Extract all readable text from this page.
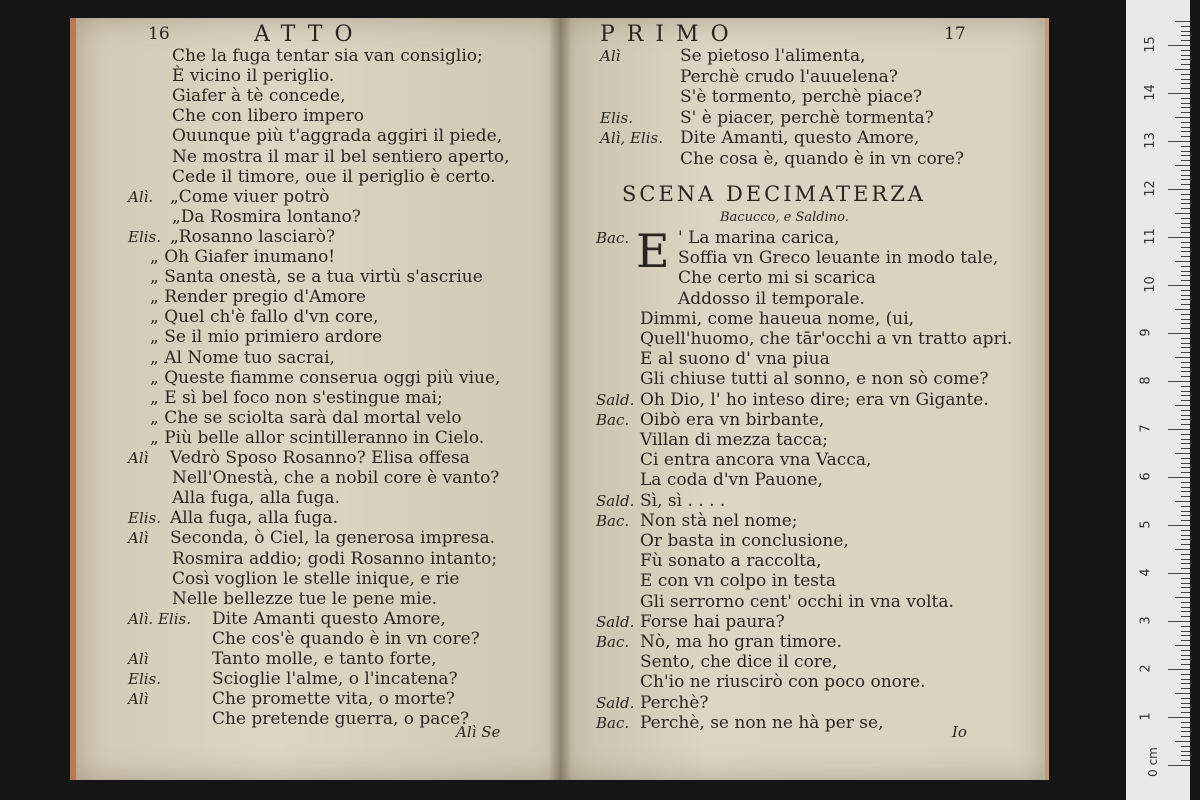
16	ATTO
Che la fuga tentar sia van consiglio;
È vicino il periglio.
Giafer à tè concede,
Che con libero impero
Ouunque più t'aggrada aggiri il piede,
Ne mostra il mar il bel sentiero aperto,
Cede il timore, oue il periglio è certo.
Alì. „Come viuer potrò
„Da Rosmira lontano?
Elis. „Rosanno lasciarò?
„ Oh Giafer inumano!
„ Santa onestà, se a tua virtù s'ascriue
„ Render pregio d'Amore
„ Quel ch'è fallo d'vn core,
„ Se il mio primiero ardore
„ Al Nome tuo sacrai,
„ Queste fiamme conserua oggi più viue,
„ E sì bel foco non s'estingue mai;
„ Che se sciolta sarà dal mortal velo
„ Più belle allor scintilleranno in Cielo.
Alì Vedrò Sposo Rosanno? Elisa offesa
Nell'Onestà, che a nobil core è vanto?
Alla fuga, alla fuga.
Elis. Alla fuga, alla fuga.
Alì Seconda, ò Ciel, la generosa impresa.
Rosmira addio; godi Rosanno intanto;
Così voglion le stelle inique, e rie
Nelle bellezze tue le pene mie.
Alì. Elis. Dite Amanti questo Amore,
Che cos'è quando è in vn core?
Alì	Tanto molle, e tanto forte,
Elis.	Scioglie l'alme, o l'incatena?
Alì	Che promette vita, o morte?
Che pretende guerra, o pace?
Alì Se
PRIMO	17
Alì	Se pietoso l'alimenta,
Perchè crudo l'auuelena?
S'è tormento, perchè piace?
Elis.	S' è piacer, perchè tormenta?
Alì, Elis. Dite Amanti, questo Amore,
Che cosa è, quando è in vn core?
SCENA DECIMATERZA
Bacucco, e Saldino.
E
Bac.	' La marina carica,
Soffia vn Greco leuante in modo tale,
Che certo mi si scarica
Addosso il temporale.
Dimmi, come haueua nome, (ui,
Quell'huomo, che tār'occhi a vn tratto apri.
E al suono d' vna piua
Gli chiuse tutti al sonno, e non sò come?
Sald. Oh Dio, l' ho inteso dire; era vn Gigante.
Bac. Oibò era vn birbante,
Villan di mezza tacca;
Ci entra ancora vna Vacca,
La coda d'vn Pauone,
Sald. Sì, sì . . . .
Bac. Non stà nel nome;
Or basta in conclusione,
Fù sonato a raccolta,
E con vn colpo in testa
Gli serrorno cent' occhi in vna volta.
Sald. Forse hai paura?
Bac. Nò, ma ho gran timore.
Sento, che dice il core,
Ch'io ne riuscirò con poco onore.
Sald. Perchè?
Bac. Perchè, se non ne hà per se,	Io
1
2
3
4
5
6
7
8
9
10
11
12
13
14
15
0 cm
